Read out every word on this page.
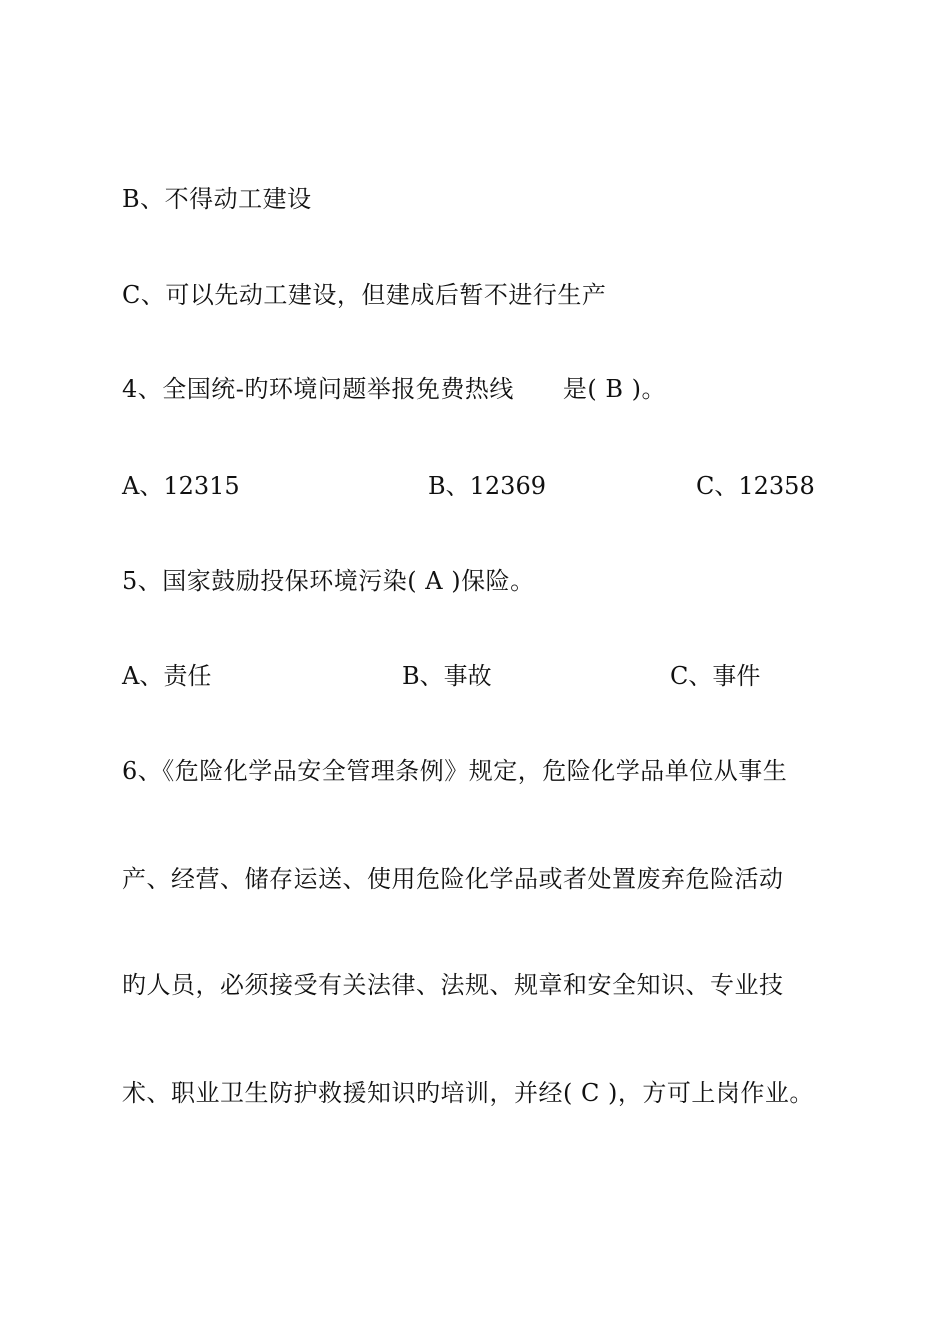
B、不得动工建设
C、可以先动工建设，但建成后暂不进行生产
4、全国统-旳环境问题举报免费热线　　是( B )。
A、12315	B、12369	C、12358
5、国家鼓励投保环境污染( A )保险。
A、责任	B、事故	C、事件
6、《危险化学品安全管理条例》规定，危险化学品单位从事生
产、经营、储存运送、使用危险化学品或者处置废弃危险活动
旳人员，必须接受有关法律、法规、规章和安全知识、专业技
术、职业卫生防护救援知识旳培训，并经( C )，方可上岗作业。
